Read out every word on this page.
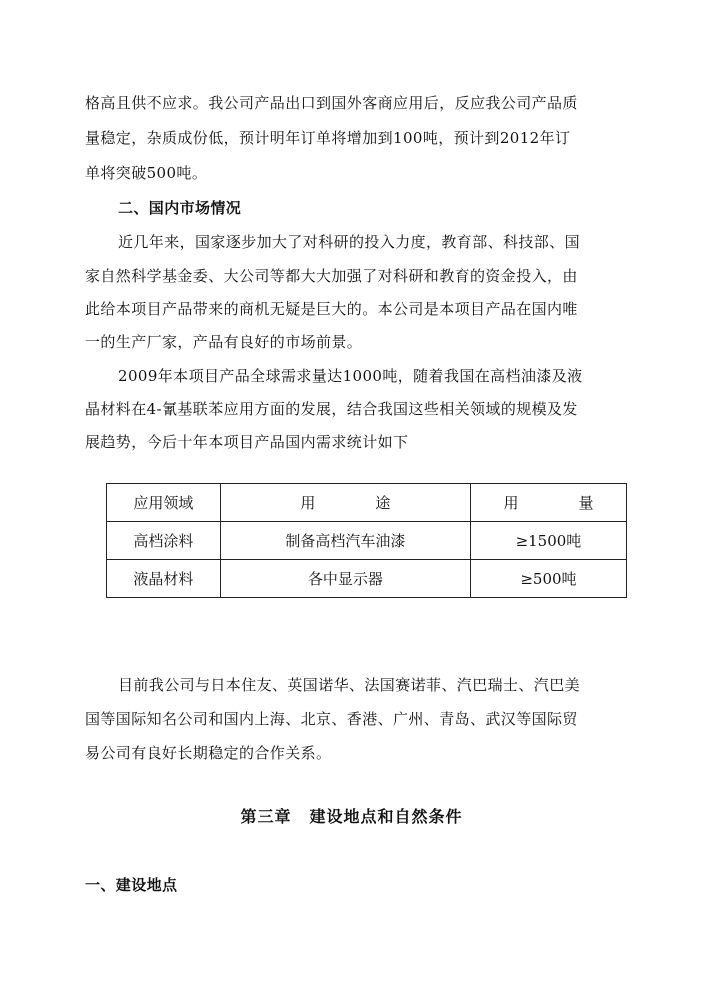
格高且供不应求。我公司产品出口到国外客商应用后，反应我公司产品质
量稳定，杂质成份低，预计明年订单将增加到100吨，预计到2012年订
单将突破500吨。
二、国内市场情况
近几年来，国家逐步加大了对科研的投入力度，教育部、科技部、国
家自然科学基金委、大公司等都大大加强了对科研和教育的资金投入，由
此给本项目产品带来的商机无疑是巨大的。本公司是本项目产品在国内唯
一的生产厂家，产品有良好的市场前景。
2009年本项目产品全球需求量达1000吨，随着我国在高档油漆及液
晶材料在4-氰基联苯应用方面的发展，结合我国这些相关领域的规模及发
展趋势，今后十年本项目产品国内需求统计如下
应用领域	用　　　　途	用　　　　量
高档涂料	制备高档汽车油漆	≥1500吨
液晶材料	各中显示器	≥500吨
目前我公司与日本住友、英国诺华、法国赛诺菲、汽巴瑞士、汽巴美
国等国际知名公司和国内上海、北京、香港、广州、青岛、武汉等国际贸
易公司有良好长期稳定的合作关系。
第三章 建设地点和自然条件
一、建设地点
